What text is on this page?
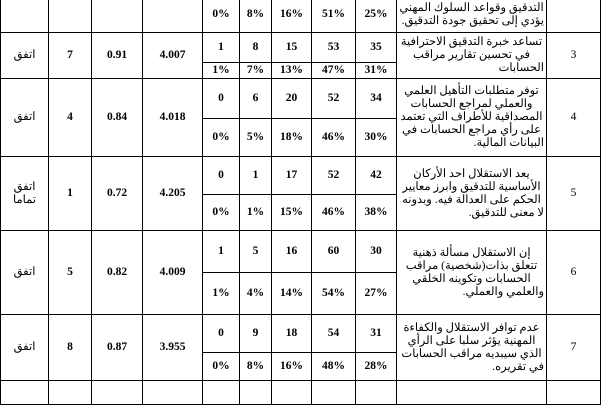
				0%	8%	16%	51%	25%	التدقيق وقواعد السلوك المهني يؤدي إلى تحقيق جودة التدقيق.	
اتفق	7	0.91	4.007	1	8	15	53	35	تساعد خبرة التدقيق الاحترافية في تحسين تقارير مراقب الحسابات	3
				1%	7%	13%	47%	31%		
اتفق	4	0.84	4.018	0	6	20	52	34	توفر متطلبات التأهيل العلمي والعملي لمراجع الحسابات المصداقية للأطراف التي تعتمد على رأي مراجع الحسابات في البيانات المالية.	4
				0%	5%	18%	46%	30%		
اتفق تماما	1	0.72	4.205	0	1	17	52	42	يعد الاستقلال احد الأركان الأساسية للتدقيق وابرز معايير الحكم على العدالة فيه. وبدونه لا معنى للتدقيق.	5
				0%	1%	15%	46%	38%		
اتفق	5	0.82	4.009	1	5	16	60	30	إن الاستقلال مسألة ذهنية تتعلق بذات(شخصية) مراقب الحسابات وتكوينه الخلقي والعلمي والعملي.	6
				1%	4%	14%	54%	27%		
اتفق	8	0.87	3.955	0	9	18	54	31	عدم توافر الاستقلال والكفاءة المهنية يؤثر سلبا على الرأي الذي سيبديه مراقب الحسابات في تقريره.	7
				0%	8%	16%	48%	28%		
